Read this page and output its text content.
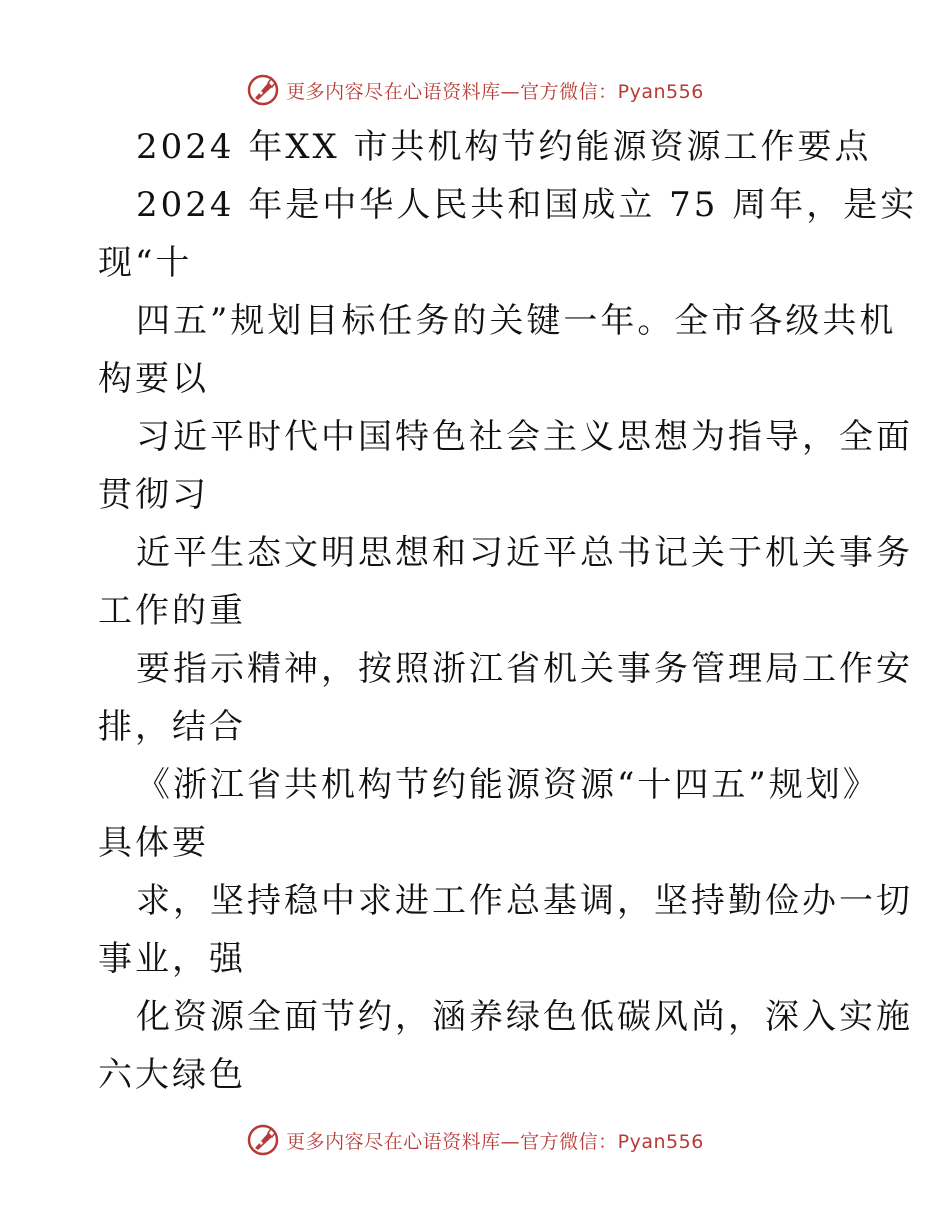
更多内容尽在心语资料库—官方微信：Pyan556
2024 年XX 市共机构节约能源资源工作要点
2024 年是中华人民共和国成立 75 周年，是实
现“十
四五”规划目标任务的关键一年。全市各级共机
构要以
习近平时代中国特色社会主义思想为指导，全面
贯彻习
近平生态文明思想和习近平总书记关于机关事务
工作的重
要指示精神，按照浙江省机关事务管理局工作安
排，结合
《浙江省共机构节约能源资源“十四五”规划》
具体要
求，坚持稳中求进工作总基调，坚持勤俭办一切
事业，强
化资源全面节约，涵养绿色低碳风尚，深入实施
六大绿色
更多内容尽在心语资料库—官方微信：Pyan556
